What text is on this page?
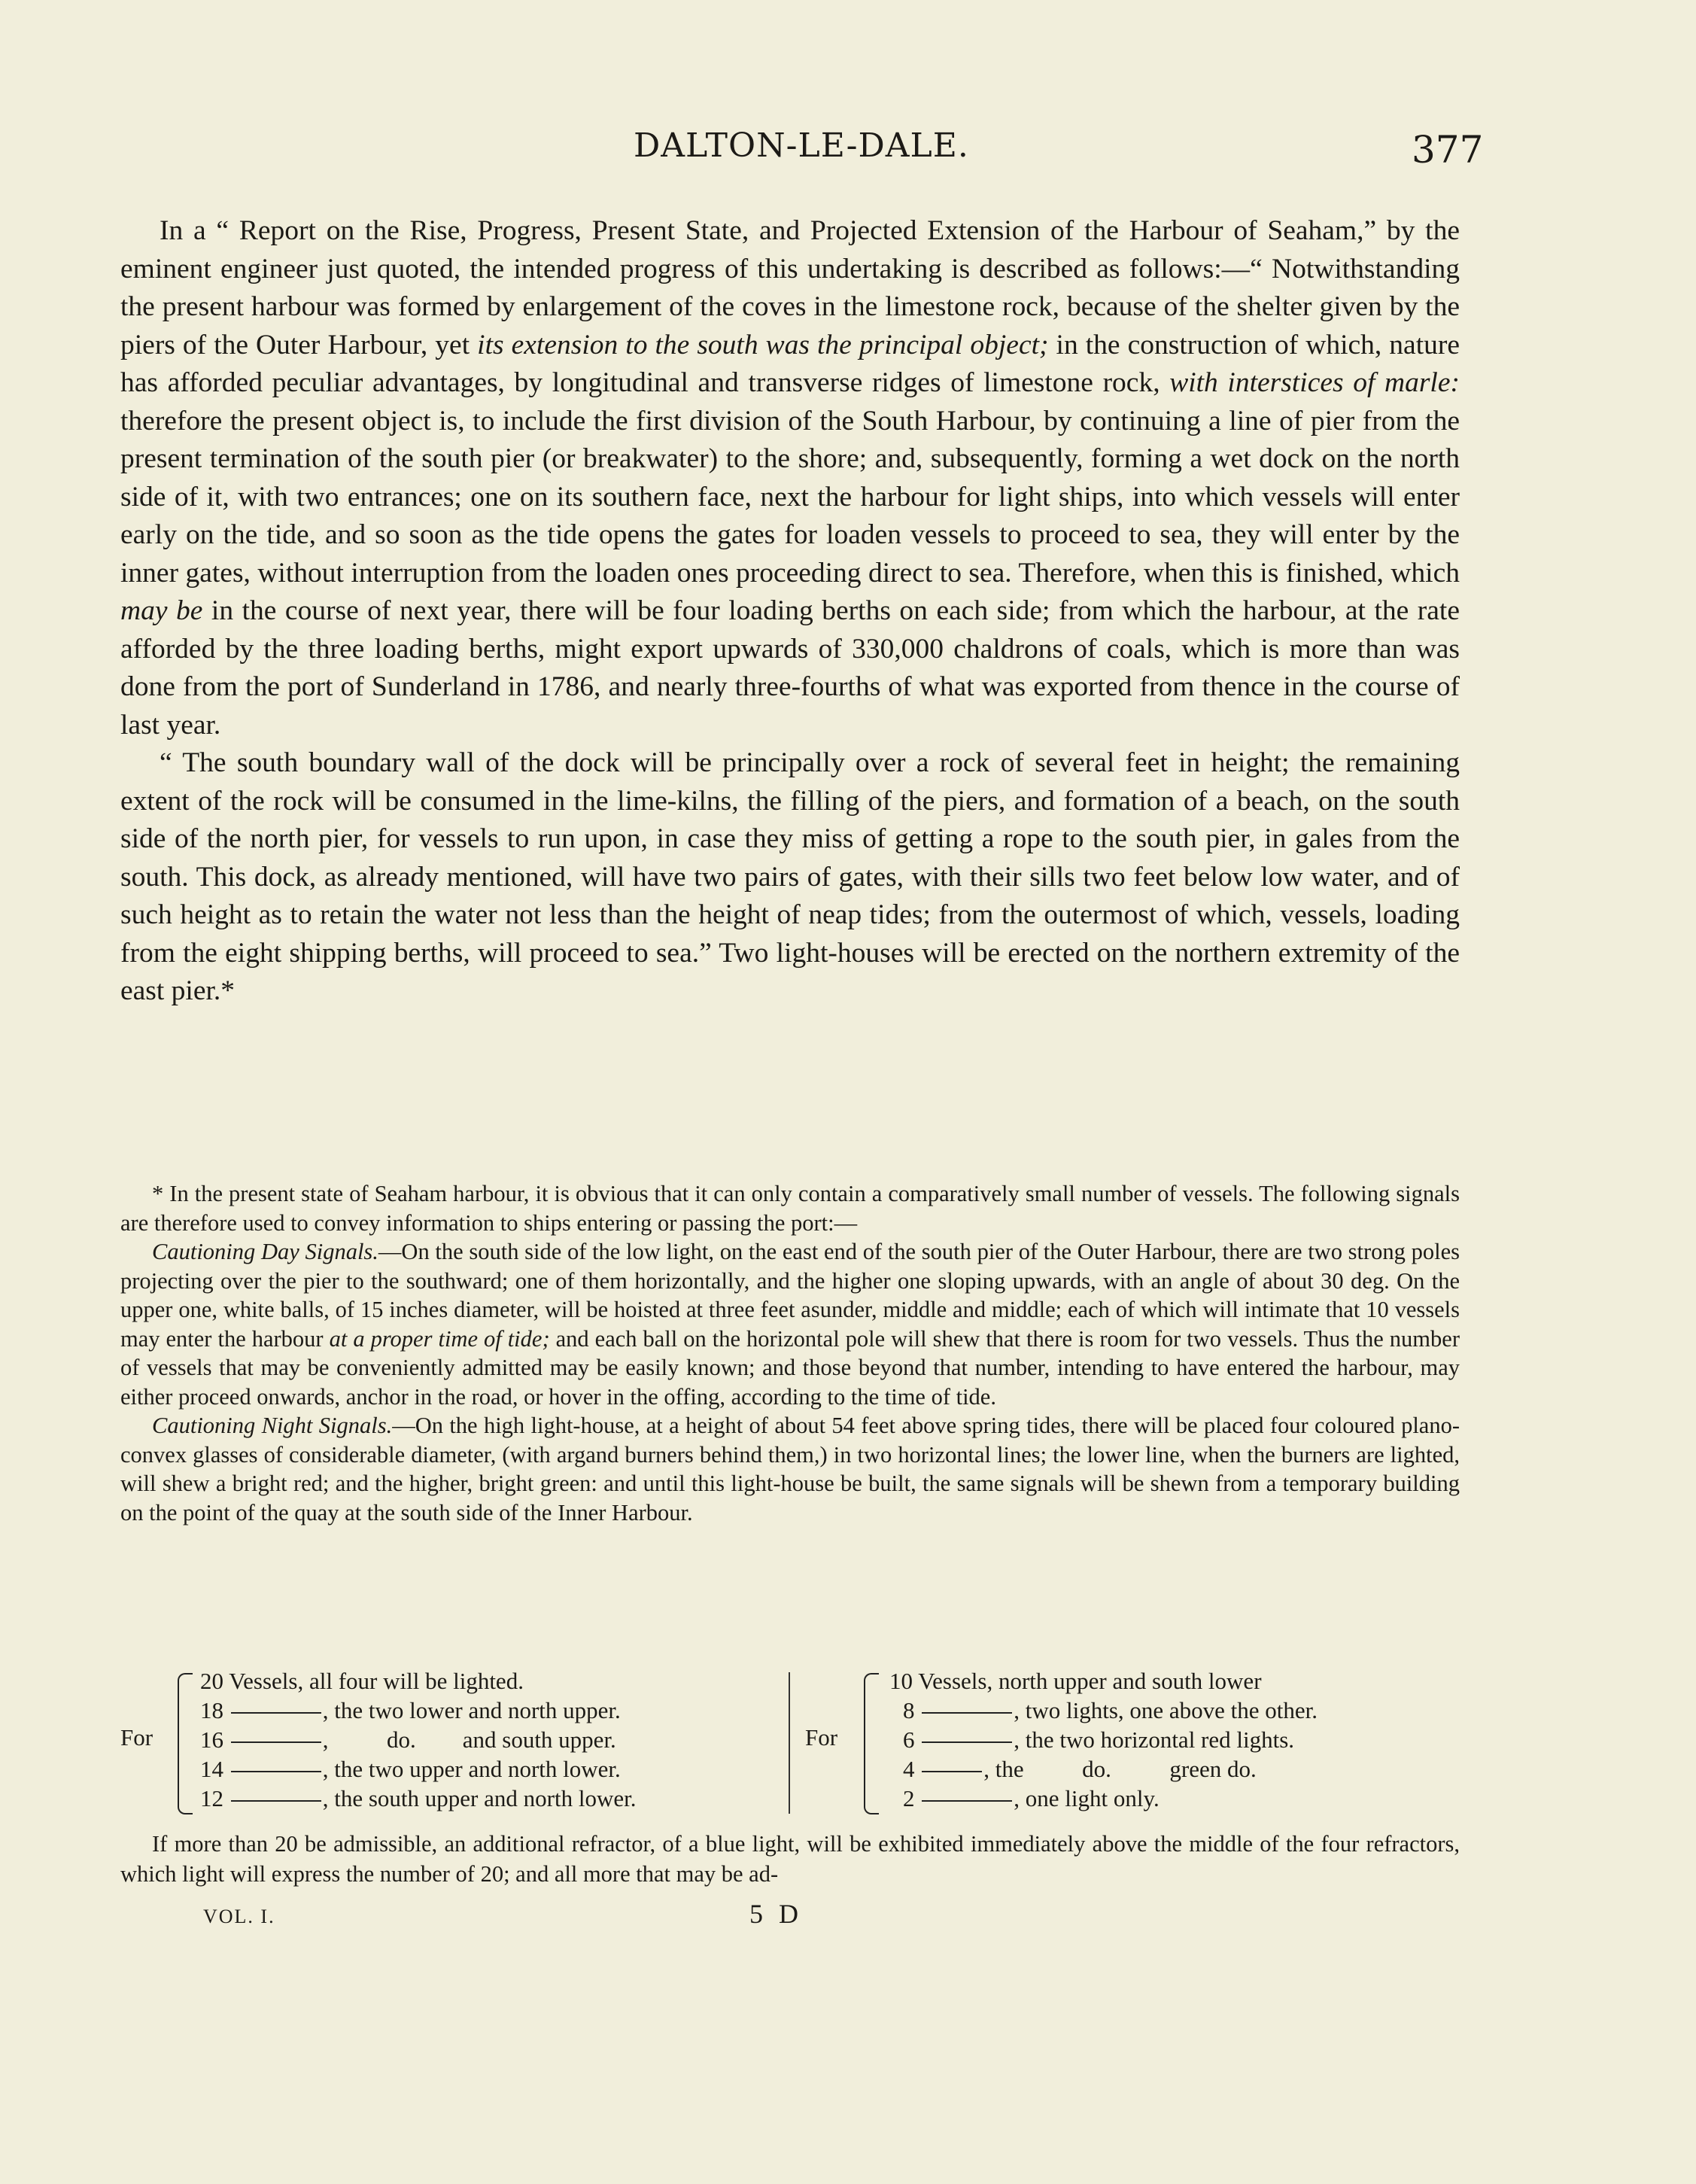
DALTON-LE-DALE.	377

In a “ Report on the Rise, Progress, Present State, and Projected Extension of the Harbour of Seaham,” by the eminent engineer just quoted, the intended progress of this undertaking is described as follows:—“ Notwithstanding the present harbour was formed by enlargement of the coves in the limestone rock, because of the shelter given by the piers of the Outer Harbour, yet its extension to the south was the principal object; in the construction of which, nature has afforded peculiar advantages, by longitudinal and transverse ridges of limestone rock, with interstices of marle: therefore the present object is, to include the first division of the South Harbour, by continuing a line of pier from the present termination of the south pier (or breakwater) to the shore; and, subsequently, forming a wet dock on the north side of it, with two entrances; one on its southern face, next the harbour for light ships, into which vessels will enter early on the tide, and so soon as the tide opens the gates for loaden vessels to proceed to sea, they will enter by the inner gates, without interruption from the loaden ones proceeding direct to sea. Therefore, when this is finished, which may be in the course of next year, there will be four loading berths on each side; from which the harbour, at the rate afforded by the three loading berths, might export upwards of 330,000 chaldrons of coals, which is more than was done from the port of Sunderland in 1786, and nearly three-fourths of what was exported from thence in the course of last year.

“ The south boundary wall of the dock will be principally over a rock of several feet in height; the remaining extent of the rock will be consumed in the lime-kilns, the filling of the piers, and formation of a beach, on the south side of the north pier, for vessels to run upon, in case they miss of getting a rope to the south pier, in gales from the south. This dock, as already mentioned, will have two pairs of gates, with their sills two feet below low water, and of such height as to retain the water not less than the height of neap tides; from the outermost of which, vessels, loading from the eight shipping berths, will proceed to sea.” Two light-houses will be erected on the northern extremity of the east pier.*

* In the present state of Seaham harbour, it is obvious that it can only contain a comparatively small number of vessels. The following signals are therefore used to convey information to ships entering or passing the port:—

Cautioning Day Signals.—On the south side of the low light, on the east end of the south pier of the Outer Harbour, there are two strong poles projecting over the pier to the southward; one of them horizontally, and the higher one sloping upwards, with an angle of about 30 deg. On the upper one, white balls, of 15 inches diameter, will be hoisted at three feet asunder, middle and middle; each of which will intimate that 10 vessels may enter the harbour at a proper time of tide; and each ball on the horizontal pole will shew that there is room for two vessels. Thus the number of vessels that may be conveniently admitted may be easily known; and those beyond that number, intending to have entered the harbour, may either proceed onwards, anchor in the road, or hover in the offing, according to the time of tide.

Cautioning Night Signals.—On the high light-house, at a height of about 54 feet above spring tides, there will be placed four coloured plano-convex glasses of considerable diameter, (with argand burners behind them,) in two horizontal lines; the lower line, when the burners are lighted, will shew a bright red; and the higher, bright green: and until this light-house be built, the same signals will be shewn from a temporary building on the point of the quay at the south side of the Inner Harbour.

For
20 Vessels, all four will be lighted.
18	, the two lower and north upper.
16	,          do.        and south upper.
14	, the two upper and north lower.
12	, the south upper and north lower.
For
10 Vessels, north upper and south lower
8	, two lights, one above the other.
6	, the two horizontal red lights.
4	, the          do.          green do.
2	, one light only.

If more than 20 be admissible, an additional refractor, of a blue light, will be exhibited immediately above the middle of the four refractors, which light will express the number of 20; and all more that may be ad-

VOL. I.	5 D
